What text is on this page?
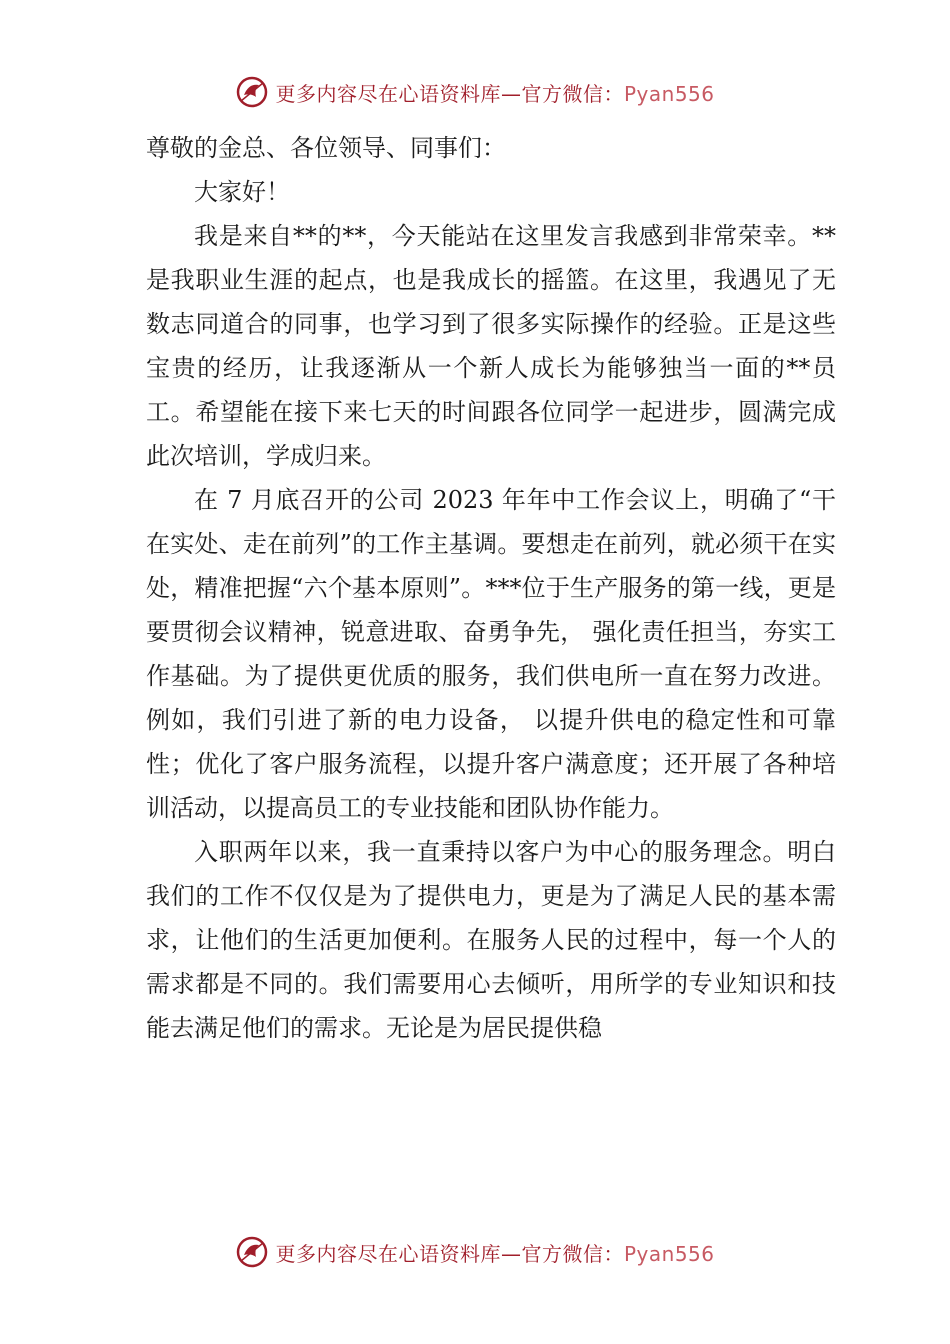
更多内容尽在心语资料库—官方微信：Pyan556

尊敬的金总、各位领导、同事们：

大家好！

我是来自**的**，今天能站在这里发言我感到非常荣幸。**是我职业生涯的起点，也是我成长的摇篮。在这里，我遇见了无数志同道合的同事，也学习到了很多实际操作的经验。正是这些宝贵的经历，让我逐渐从一个新人成长为能够独当一面的**员工。希望能在接下来七天的时间跟各位同学一起进步，圆满完成此次培训，学成归来。

在 7 月底召开的公司 2023 年年中工作会议上，明确了“干在实处、走在前列”的工作主基调。要想走在前列，就必须干在实处，精准把握“六个基本原则”。***位于生产服务的第一线，更是要贯彻会议精神，锐意进取、奋勇争先， 强化责任担当，夯实工作基础。为了提供更优质的服务，我们供电所一直在努力改进。例如，我们引进了新的电力设备， 以提升供电的稳定性和可靠性；优化了客户服务流程，以提升客户满意度；还开展了各种培训活动，以提高员工的专业技能和团队协作能力。

入职两年以来，我一直秉持以客户为中心的服务理念。明白我们的工作不仅仅是为了提供电力，更是为了满足人民的基本需求，让他们的生活更加便利。在服务人民的过程中，每一个人的需求都是不同的。我们需要用心去倾听，用所学的专业知识和技能去满足他们的需求。无论是为居民提供稳

更多内容尽在心语资料库—官方微信：Pyan556
